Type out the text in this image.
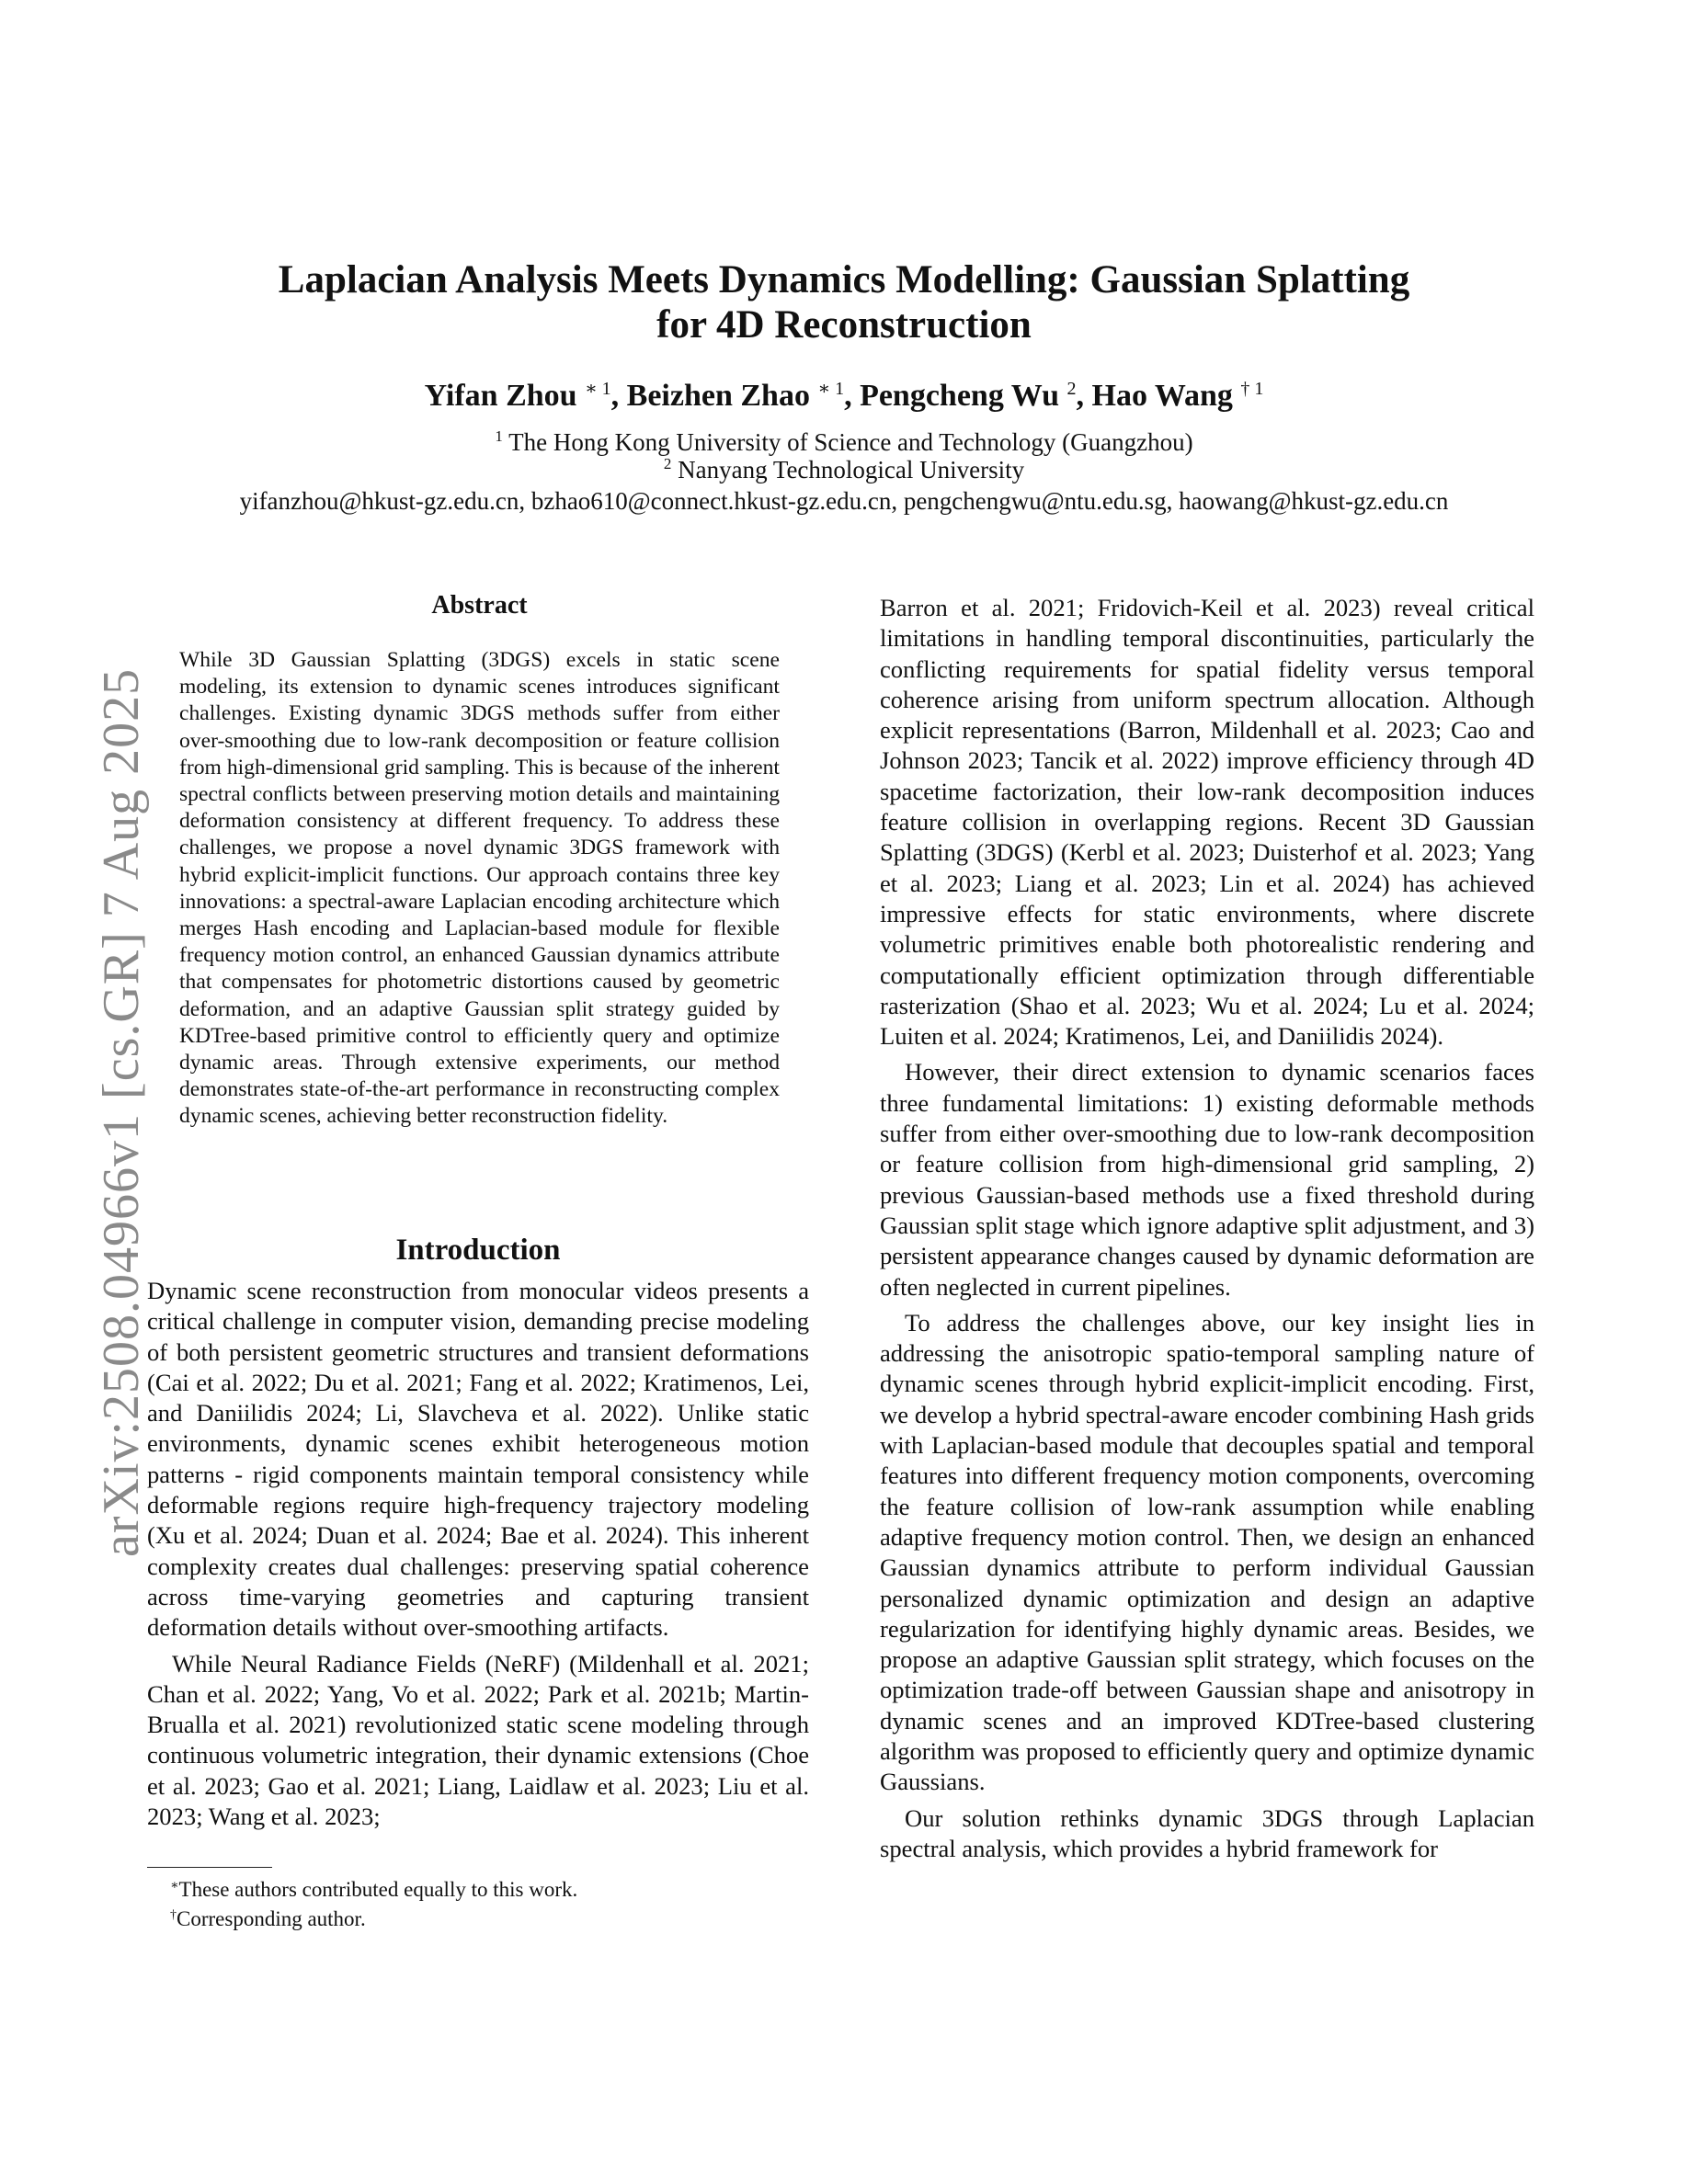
Laplacian Analysis Meets Dynamics Modelling: Gaussian Splatting
for 4D Reconstruction
Yifan Zhou $^{∗ 1}$, Beizhen Zhao $^{∗ 1}$, Pengcheng Wu $^2$, Hao Wang $^{\dagger 1}$
$^1$ The Hong Kong University of Science and Technology (Guangzhou)
$^2$ Nanyang Technological University
yifanzhou@hkust-gz.edu.cn, bzhao610@connect.hkust-gz.edu.cn, pengchengwu@ntu.edu.sg, haowang@hkust-gz.edu.cn
arXiv:2508.04966v1 [cs.GR] 7 Aug 2025
Abstract

While 3D Gaussian Splatting (3DGS) excels in static scene modeling, its extension to dynamic scenes introduces significant challenges. Existing dynamic 3DGS methods suffer from either over-smoothing due to low-rank decomposition or feature collision from high-dimensional grid sampling. This is because of the inherent spectral conflicts between preserving motion details and maintaining deformation consistency at different frequency. To address these challenges, we propose a novel dynamic 3DGS framework with hybrid explicit-implicit functions. Our approach contains three key innovations: a spectral-aware Laplacian encoding architecture which merges Hash encoding and Laplacian-based module for flexible frequency motion control, an enhanced Gaussian dynamics attribute that compensates for photometric distortions caused by geometric deformation, and an adaptive Gaussian split strategy guided by KDTree-based primitive control to efficiently query and optimize dynamic areas. Through extensive experiments, our method demonstrates state-of-the-art performance in reconstructing complex dynamic scenes, achieving better reconstruction fidelity.

Introduction

Dynamic scene reconstruction from monocular videos presents a critical challenge in computer vision, demanding precise modeling of both persistent geometric structures and transient deformations (Cai et al. 2022; Du et al. 2021; Fang et al. 2022; Kratimenos, Lei, and Daniilidis 2024; Li, Slavcheva et al. 2022). Unlike static environments, dynamic scenes exhibit heterogeneous motion patterns - rigid components maintain temporal consistency while deformable regions require high-frequency trajectory modeling (Xu et al. 2024; Duan et al. 2024; Bae et al. 2024). This inherent complexity creates dual challenges: preserving spatial coherence across time-varying geometries and capturing transient deformation details without over-smoothing artifacts.

While Neural Radiance Fields (NeRF) (Mildenhall et al. 2021; Chan et al. 2022; Yang, Vo et al. 2022; Park et al. 2021b; Martin-Brualla et al. 2021) revolutionized static scene modeling through continuous volumetric integration, their dynamic extensions (Choe et al. 2023; Gao et al. 2021; Liang, Laidlaw et al. 2023; Liu et al. 2023; Wang et al. 2023;

∗These authors contributed equally to this work.
†Corresponding author.

Barron et al. 2021; Fridovich-Keil et al. 2023) reveal critical limitations in handling temporal discontinuities, particularly the conflicting requirements for spatial fidelity versus temporal coherence arising from uniform spectrum allocation. Although explicit representations (Barron, Mildenhall et al. 2023; Cao and Johnson 2023; Tancik et al. 2022) improve efficiency through 4D spacetime factorization, their low-rank decomposition induces feature collision in overlapping regions. Recent 3D Gaussian Splatting (3DGS) (Kerbl et al. 2023; Duisterhof et al. 2023; Yang et al. 2023; Liang et al. 2023; Lin et al. 2024) has achieved impressive effects for static environments, where discrete volumetric primitives enable both photorealistic rendering and computationally efficient optimization through differentiable rasterization (Shao et al. 2023; Wu et al. 2024; Lu et al. 2024; Luiten et al. 2024; Kratimenos, Lei, and Daniilidis 2024).

However, their direct extension to dynamic scenarios faces three fundamental limitations: 1) existing deformable methods suffer from either over-smoothing due to low-rank decomposition or feature collision from high-dimensional grid sampling, 2) previous Gaussian-based methods use a fixed threshold during Gaussian split stage which ignore adaptive split adjustment, and 3) persistent appearance changes caused by dynamic deformation are often neglected in current pipelines.

To address the challenges above, our key insight lies in addressing the anisotropic spatio-temporal sampling nature of dynamic scenes through hybrid explicit-implicit encoding. First, we develop a hybrid spectral-aware encoder combining Hash grids with Laplacian-based module that decouples spatial and temporal features into different frequency motion components, overcoming the feature collision of low-rank assumption while enabling adaptive frequency motion control. Then, we design an enhanced Gaussian dynamics attribute to perform individual Gaussian personalized dynamic optimization and design an adaptive regularization for identifying highly dynamic areas. Besides, we propose an adaptive Gaussian split strategy, which focuses on the optimization trade-off between Gaussian shape and anisotropy in dynamic scenes and an improved KDTree-based clustering algorithm was proposed to efficiently query and optimize dynamic Gaussians.

Our solution rethinks dynamic 3DGS through Laplacian spectral analysis, which provides a hybrid framework for
